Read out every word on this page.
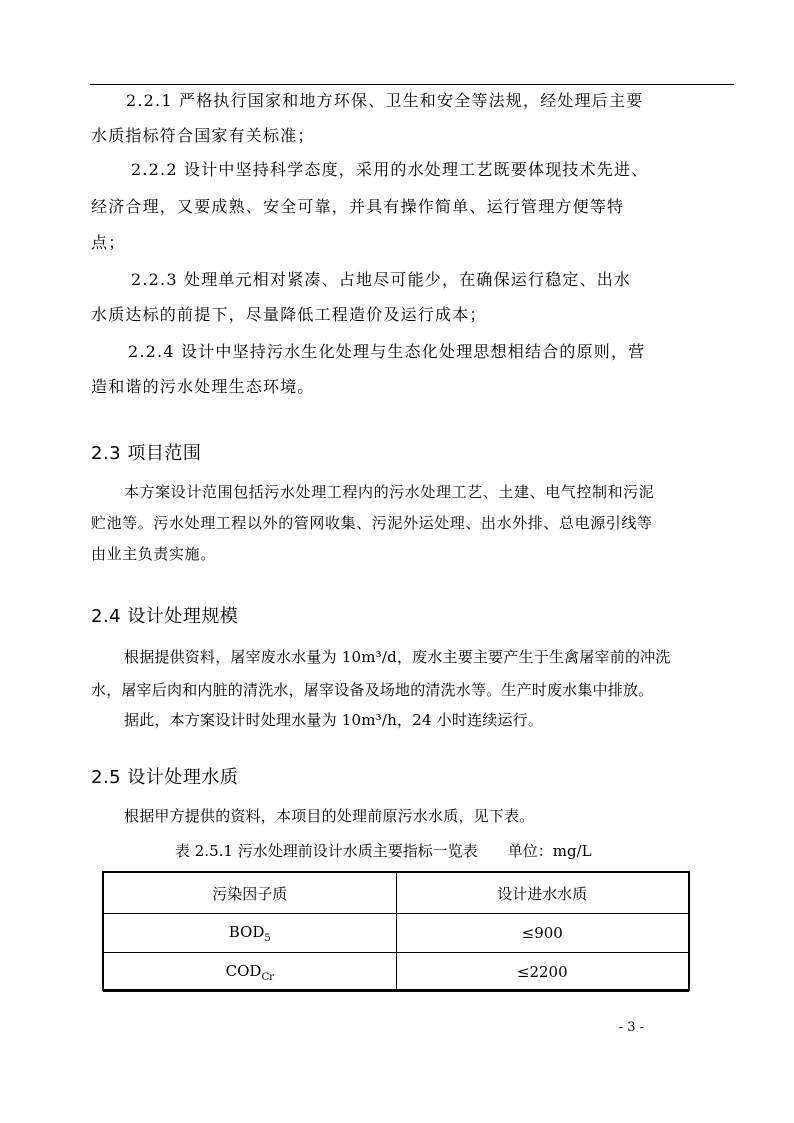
2.2.1 严格执行国家和地方环保、卫生和安全等法规，经处理后主要
水质指标符合国家有关标准；
2.2.2 设计中坚持科学态度，采用的水处理工艺既要体现技术先进、
经济合理，又要成熟、安全可靠，并具有操作简单、运行管理方便等特
点；
2.2.3 处理单元相对紧凑、占地尽可能少，在确保运行稳定、出水
水质达标的前提下，尽量降低工程造价及运行成本；
2.2.4 设计中坚持污水生化处理与生态化处理思想相结合的原则，营
造和谐的污水处理生态环境。
2.3 项目范围
本方案设计范围包括污水处理工程内的污水处理工艺、土建、电气控制和污泥
贮池等。污水处理工程以外的管网收集、污泥外运处理、出水外排、总电源引线等
由业主负责实施。
2.4 设计处理规模
根据提供资料，屠宰废水水量为 10m³/d，废水主要主要产生于生禽屠宰前的冲洗
水，屠宰后肉和内脏的清洗水，屠宰设备及场地的清洗水等。生产时废水集中排放。
据此，本方案设计时处理水量为 10m³/h，24 小时连续运行。
2.5 设计处理水质
根据甲方提供的资料，本项目的处理前原污水水质，见下表。
表 2.5.1 污水处理前设计水质主要指标一览表 单位：mg/L
污染因子质	设计进水水质
$BOD_5$	≤900
$COD_{Cr}$	≤2200
- 3 -
